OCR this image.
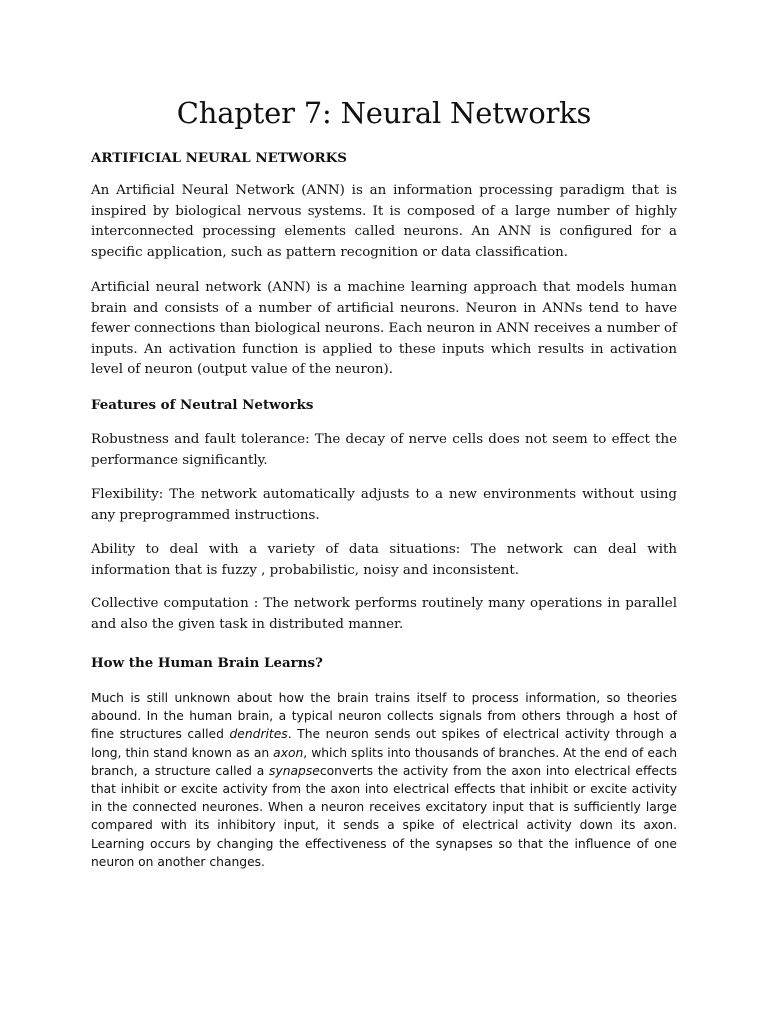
Chapter 7: Neural Networks
ARTIFICIAL NEURAL NETWORKS

An Artificial Neural Network (ANN) is an information processing paradigm that is inspired by biological nervous systems. It is composed of a large number of highly interconnected processing elements called neurons. An ANN is configured for a specific application, such as pattern recognition or data classification.

Artificial neural network (ANN) is a machine learning approach that models human brain and consists of a number of artificial neurons. Neuron in ANNs tend to have fewer connections than biological neurons. Each neuron in ANN receives a number of inputs. An activation function is applied to these inputs which results in activation level of neuron (output value of the neuron).

Features of Neutral Networks

Robustness and fault tolerance: The decay of nerve cells does not seem to effect the performance significantly.

Flexibility: The network automatically adjusts to a new environments without using any preprogrammed instructions.

Ability to deal with a variety of data situations: The network can deal with information that is fuzzy , probabilistic, noisy and inconsistent.

Collective computation : The network performs routinely many operations in parallel and also the given task in distributed manner.

How the Human Brain Learns?

Much is still unknown about how the brain trains itself to process information, so theories abound. In the human brain, a typical neuron collects signals from others through a host of fine structures called dendrites. The neuron sends out spikes of electrical activity through a long, thin stand known as an axon, which splits into thousands of branches. At the end of each branch, a structure called a synapseconverts the activity from the axon into electrical effects that inhibit or excite activity from the axon into electrical effects that inhibit or excite activity in the connected neurones. When a neuron receives excitatory input that is sufficiently large compared with its inhibitory input, it sends a spike of electrical activity down its axon. Learning occurs by changing the effectiveness of the synapses so that the influence of one neuron on another changes.
